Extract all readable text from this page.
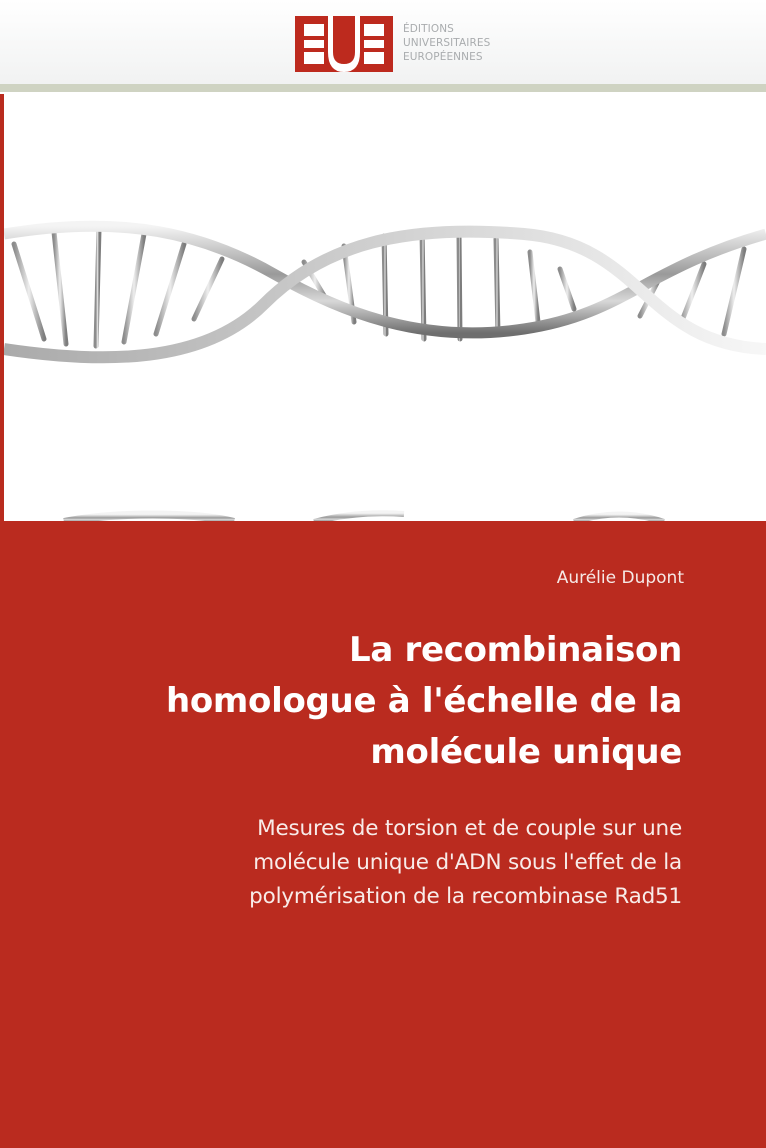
ÉDITIONS
UNIVERSITAIRES
EUROPÉENNES
Aurélie Dupont
La recombinaison
homologue à l'échelle de la
molécule unique
Mesures de torsion et de couple sur une
molécule unique d'ADN sous l'effet de la
polymérisation de la recombinase Rad51
